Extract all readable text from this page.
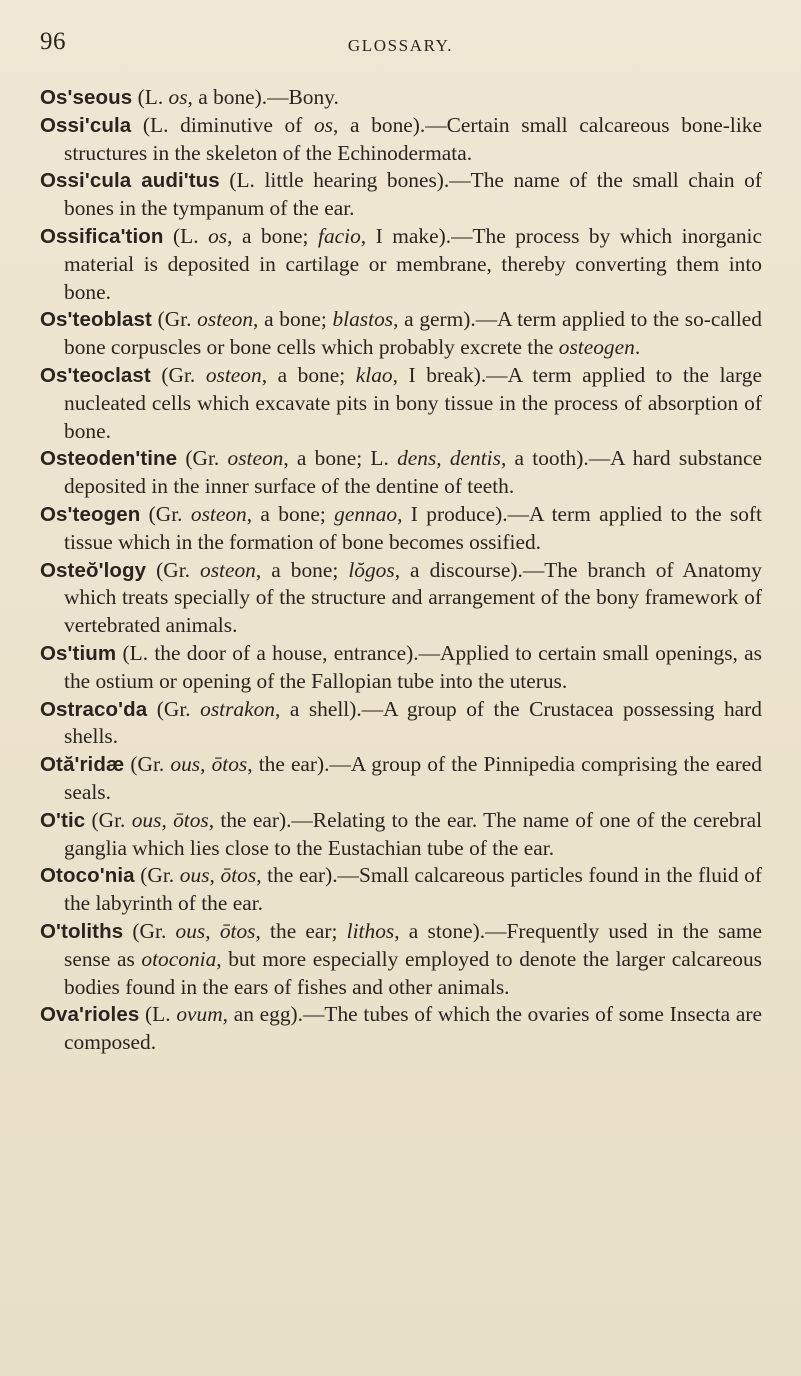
96	GLOSSARY.
Os'seous (L. os, a bone).—Bony.
Ossi'cula (L. diminutive of os, a bone).—Certain small calcareous bone-like structures in the skeleton of the Echinodermata.
Ossi'cula audi'tus (L. little hearing bones).—The name of the small chain of bones in the tympanum of the ear.
Ossifica'tion (L. os, a bone; facio, I make).—The process by which inorganic material is deposited in cartilage or membrane, thereby converting them into bone.
Os'teoblast (Gr. osteon, a bone; blastos, a germ).—A term applied to the so-called bone corpuscles or bone cells which probably excrete the osteogen.
Os'teoclast (Gr. osteon, a bone; klao, I break).—A term applied to the large nucleated cells which excavate pits in bony tissue in the process of absorption of bone.
Osteoden'tine (Gr. osteon, a bone; L. dens, dentis, a tooth).—A hard substance deposited in the inner surface of the dentine of teeth.
Os'teogen (Gr. osteon, a bone; gennao, I produce).—A term applied to the soft tissue which in the formation of bone becomes ossified.
Osteŏ'logy (Gr. osteon, a bone; lŏgos, a discourse).—The branch of Anatomy which treats specially of the structure and arrangement of the bony framework of vertebrated animals.
Os'tium (L. the door of a house, entrance).—Applied to certain small openings, as the ostium or opening of the Fallopian tube into the uterus.
Ostraco'da (Gr. ostrakon, a shell).—A group of the Crustacea possessing hard shells.
Otă'ridæ (Gr. ous, ōtos, the ear).—A group of the Pinnipedia comprising the eared seals.
O'tic (Gr. ous, ōtos, the ear).—Relating to the ear. The name of one of the cerebral ganglia which lies close to the Eustachian tube of the ear.
Otoco'nia (Gr. ous, ōtos, the ear).—Small calcareous particles found in the fluid of the labyrinth of the ear.
O'toliths (Gr. ous, ōtos, the ear; lithos, a stone).—Frequently used in the same sense as otoconia, but more especially employed to denote the larger calcareous bodies found in the ears of fishes and other animals.
Ova'rioles (L. ovum, an egg).—The tubes of which the ovaries of some Insecta are composed.
